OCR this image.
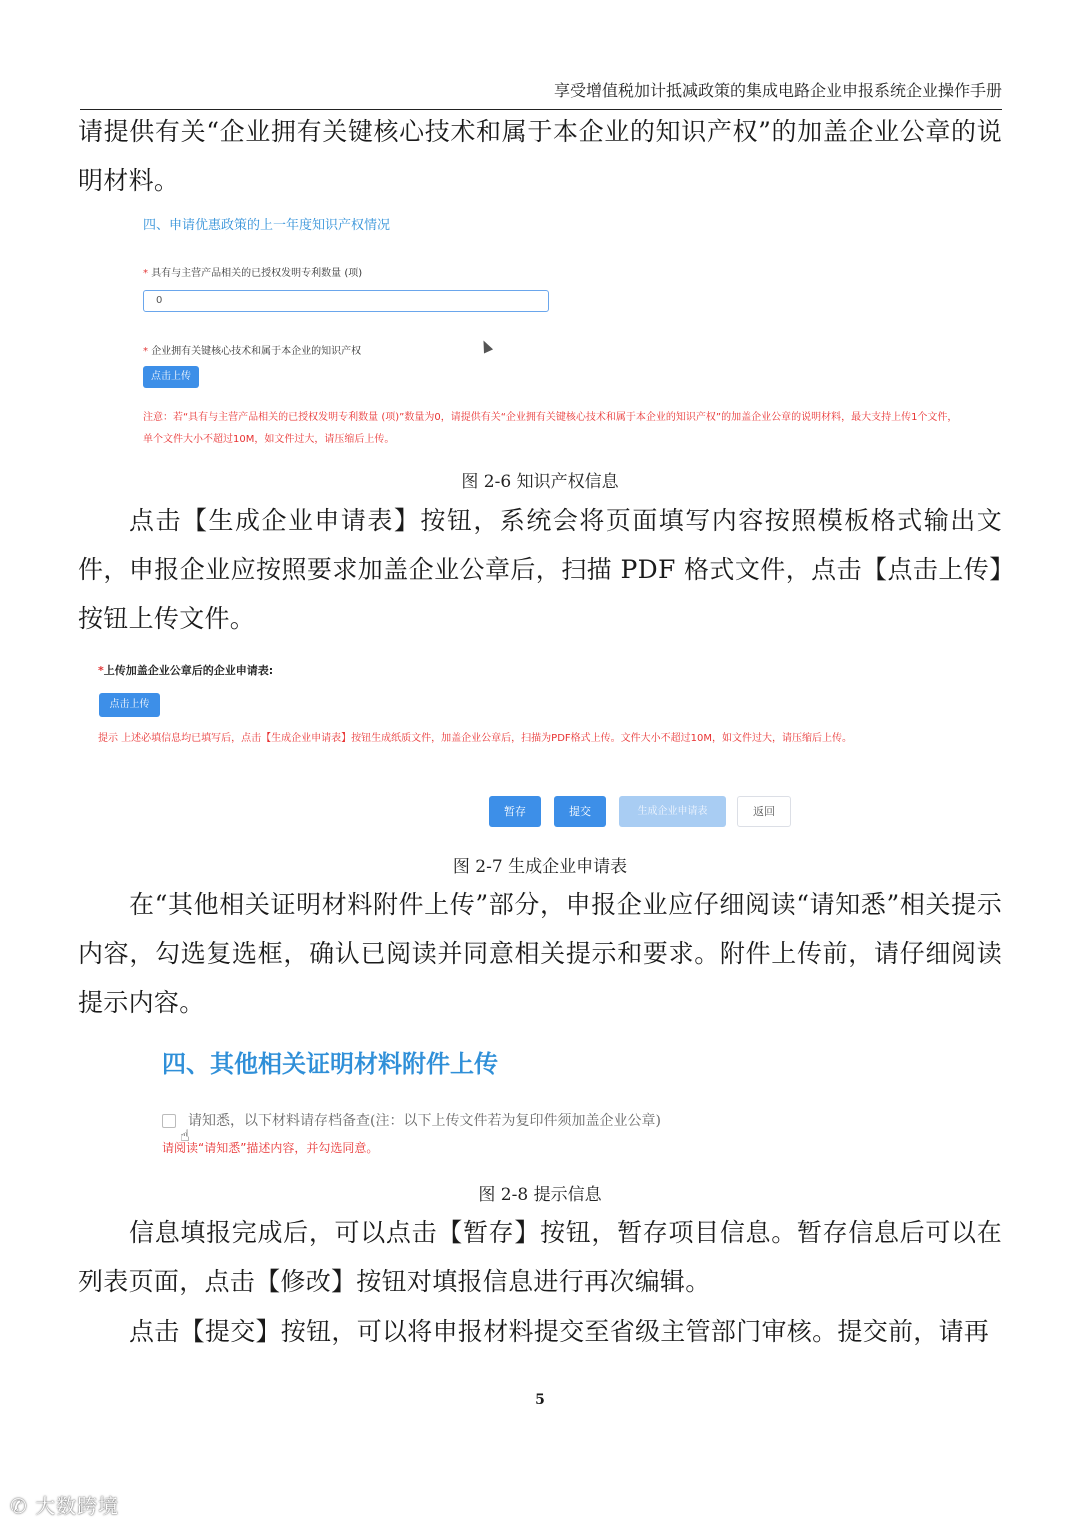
享受增值税加计抵减政策的集成电路企业申报系统企业操作手册
请提供有关“企业拥有关键核心技术和属于本企业的知识产权”的加盖企业公章的说明材料。
四、申请优惠政策的上一年度知识产权情况
* 具有与主营产品相关的已授权发明专利数量 (项)
0
* 企业拥有关键核心技术和属于本企业的知识产权
点击上传
注意：若“具有与主营产品相关的已授权发明专利数量 (项)”数量为0，请提供有关“企业拥有关键核心技术和属于本企业的知识产权”的加盖企业公章的说明材料，最大支持上传1个文件，
单个文件大小不超过10M，如文件过大，请压缩后上传。
图 2-6 知识产权信息
点击【生成企业申请表】按钮，系统会将页面填写内容按照模板格式输出文件，申报企业应按照要求加盖企业公章后，扫描 PDF 格式文件，点击【点击上传】按钮上传文件。
*上传加盖企业公章后的企业申请表:
点击上传
提示 上述必填信息均已填写后，点击【生成企业申请表】按钮生成纸质文件，加盖企业公章后，扫描为PDF格式上传。文件大小不超过10M，如文件过大，请压缩后上传。
暂存	提交	生成企业申请表	返回
图 2-7 生成企业申请表
在“其他相关证明材料附件上传”部分，申报企业应仔细阅读“请知悉”相关提示内容，勾选复选框，确认已阅读并同意相关提示和要求。附件上传前，请仔细阅读提示内容。
四、其他相关证明材料附件上传
请知悉，以下材料请存档备查(注：以下上传文件若为复印件须加盖企业公章)
☝
请阅读“请知悉”描述内容，并勾选同意。
图 2-8 提示信息
信息填报完成后，可以点击【暂存】按钮，暂存项目信息。暂存信息后可以在列表页面，点击【修改】按钮对填报信息进行再次编辑。
点击【提交】按钮，可以将申报材料提交至省级主管部门审核。提交前，请再
5
✆ 大数跨境
